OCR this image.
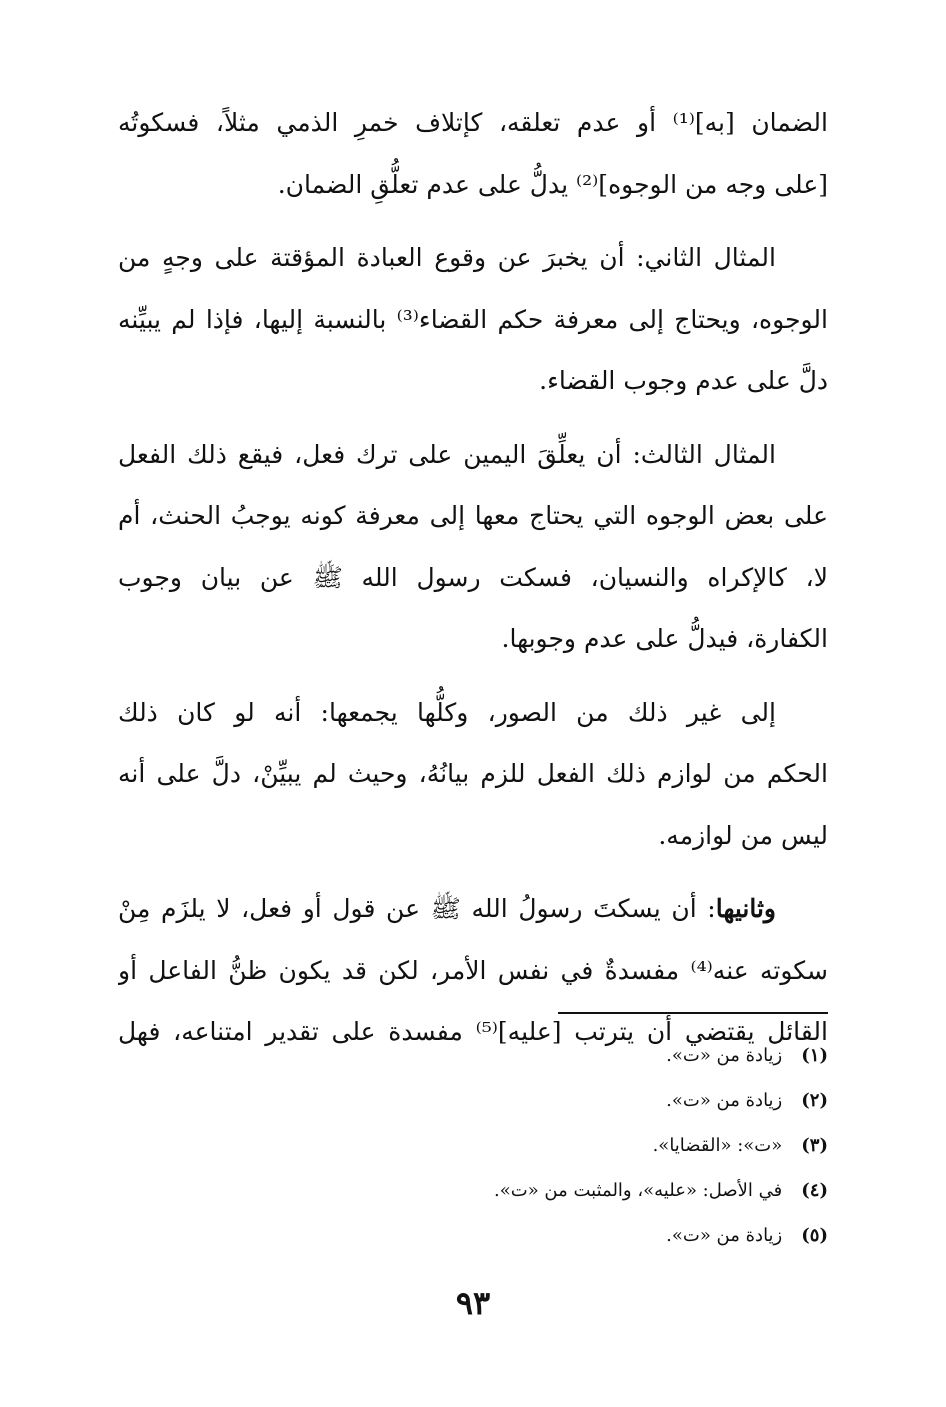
الضمان [به]⁽¹⁾ أو عدم تعلقه، كإتلاف خمرِ الذمي مثلاً، فسكوتُه
[على وجه من الوجوه]⁽²⁾ يدلُّ على عدم تعلُّقِ الضمان.

المثال الثاني: أن يخبرَ عن وقوع العبادة المؤقتة على وجهٍ من
الوجوه، ويحتاج إلى معرفة حكم القضاء⁽³⁾ بالنسبة إليها، فإذا لم يبيِّنه
دلَّ على عدم وجوب القضاء.

المثال الثالث: أن يعلِّقَ اليمين على ترك فعل، فيقع ذلك الفعل
على بعض الوجوه التي يحتاج معها إلى معرفة كونه يوجبُ الحنث، أم
لا، كالإكراه والنسيان، فسكت رسول الله ﷺ عن بيان وجوب
الكفارة، فيدلُّ على عدم وجوبها.

إلى غير ذلك من الصور، وكلُّها يجمعها: أنه لو كان ذلك
الحكم من لوازم ذلك الفعل للزم بيانُهُ، وحيث لم يبيِّنْ، دلَّ على أنه
ليس من لوازمه.

وثانيها: أن يسكتَ رسولُ الله ﷺ عن قول أو فعل، لا يلزَم مِنْ
سكوته عنه⁽⁴⁾ مفسدةٌ في نفس الأمر، لكن قد يكون ظنُّ الفاعل أو
القائل يقتضي أن يترتب [عليه]⁽⁵⁾ مفسدة على تقدير امتناعه، فهل

(١) زيادة من «ت».
(٢) زيادة من «ت».
(٣) «ت»: «القضايا».
(٤) في الأصل: «عليه»، والمثبت من «ت».
(٥) زيادة من «ت».
٩٣
